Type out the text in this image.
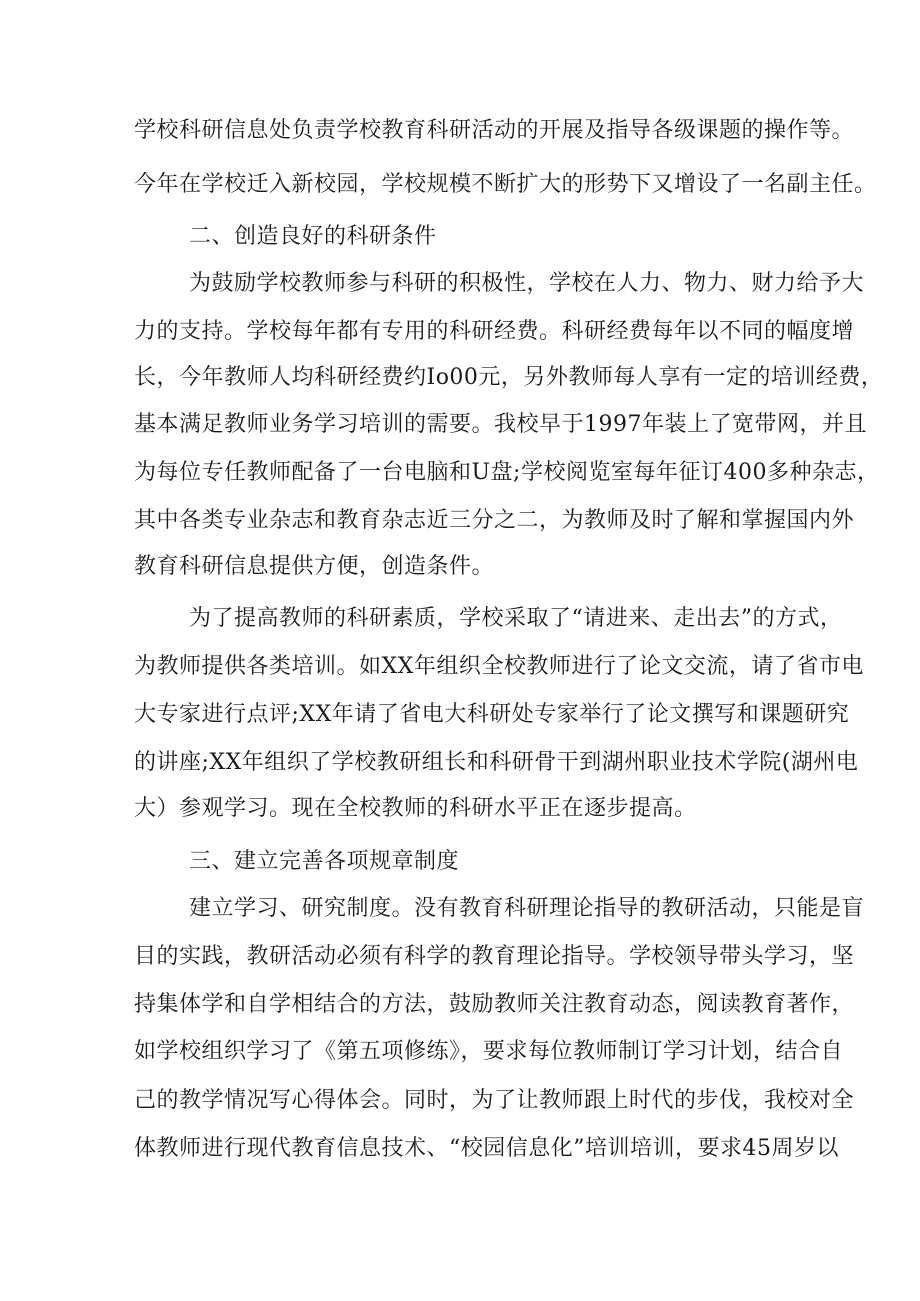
学校科研信息处负责学校教育科研活动的开展及指导各级课题的操作等。
今年在学校迁入新校园，学校规模不断扩大的形势下又增设了一名副主任。
二、创造良好的科研条件
为鼓励学校教师参与科研的积极性，学校在人力、物力、财力给予大
力的支持。学校每年都有专用的科研经费。科研经费每年以不同的幅度增
长，今年教师人均科研经费约Io00元，另外教师每人享有一定的培训经费，
基本满足教师业务学习培训的需要。我校早于1997年装上了宽带网，并且
为每位专任教师配备了一台电脑和U盘;学校阅览室每年征订400多种杂志，
其中各类专业杂志和教育杂志近三分之二，为教师及时了解和掌握国内外
教育科研信息提供方便，创造条件。
为了提高教师的科研素质，学校采取了“请进来、走出去”的方式，
为教师提供各类培训。如XX年组织全校教师进行了论文交流，请了省市电
大专家进行点评;XX年请了省电大科研处专家举行了论文撰写和课题研究
的讲座;XX年组织了学校教研组长和科研骨干到湖州职业技术学院(湖州电
大）参观学习。现在全校教师的科研水平正在逐步提高。
三、建立完善各项规章制度
建立学习、研究制度。没有教育科研理论指导的教研活动，只能是盲
目的实践，教研活动必须有科学的教育理论指导。学校领导带头学习，坚
持集体学和自学相结合的方法，鼓励教师关注教育动态，阅读教育著作，
如学校组织学习了《第五项修练》，要求每位教师制订学习计划，结合自
己的教学情况写心得体会。同时，为了让教师跟上时代的步伐，我校对全
体教师进行现代教育信息技术、“校园信息化”培训培训，要求45周岁以
